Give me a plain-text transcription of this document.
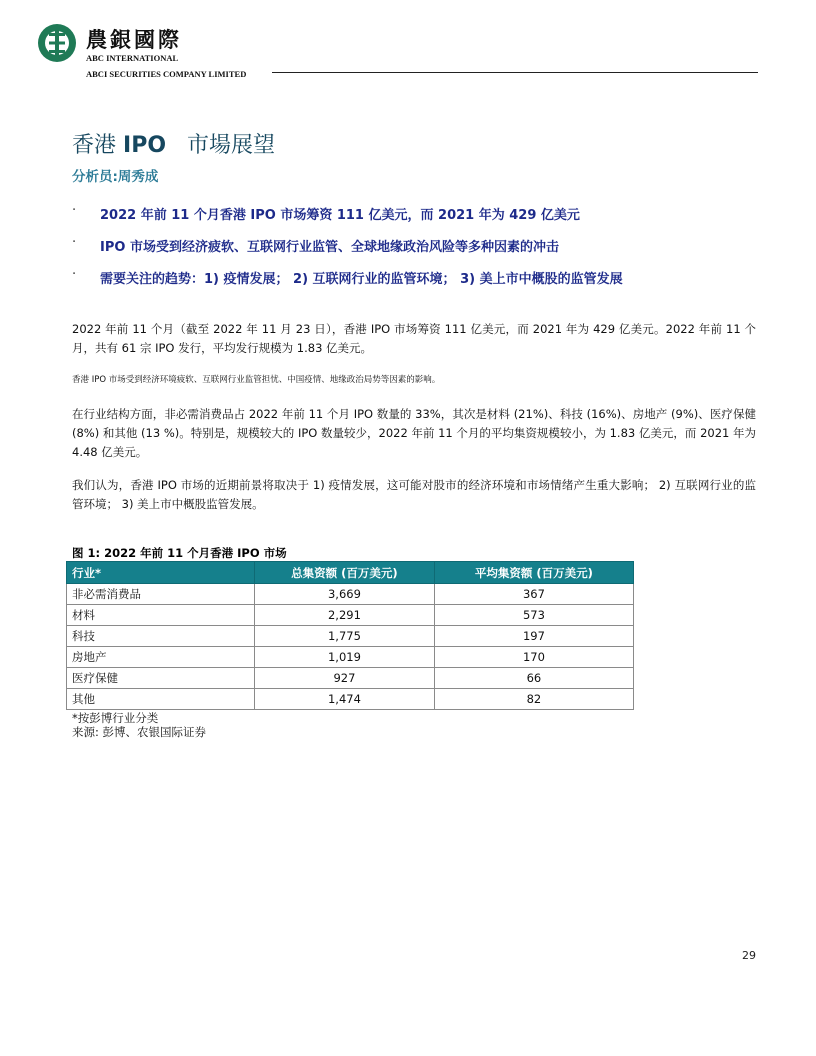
農銀國際
ABC INTERNATIONAL
ABCI SECURITIES COMPANY LIMITED
香港 IPO 市場展望
分析员:周秀成
· 2022 年前 11 个月香港 IPO 市场筹资 111 亿美元，而 2021 年为 429 亿美元
· IPO 市场受到经济疲软、互联网行业监管、全球地缘政治风险等多种因素的冲击
· 需要关注的趋势：1) 疫情发展； 2) 互联网行业的监管环境； 3) 美上市中概股的监管发展

2022 年前 11 个月（截至 2022 年 11 月 23 日），香港 IPO 市场筹资 111 亿美元，而 2021 年为 429 亿美元。2022 年前 11 个月，共有 61 宗 IPO 发行，平均发行规模为 1.83 亿美元。

香港 IPO 市场受到经济环境疲软、互联网行业监管担忧、中国疫情、地缘政治局势等因素的影响。

在行业结构方面，非必需消费品占 2022 年前 11 个月 IPO 数量的 33%，其次是材料 (21%)、科技 (16%)、房地产 (9%)、医疗保健 (8%) 和其他 (13 %)。特别是，规模较大的 IPO 数量较少，2022 年前 11 个月的平均集资规模较小，为 1.83 亿美元，而 2021 年为 4.48 亿美元。

我们认为，香港 IPO 市场的近期前景将取决于 1) 疫情发展，这可能对股市的经济环境和市场情绪产生重大影响； 2) 互联网行业的监管环境； 3) 美上市中概股监管发展。

图 1: 2022 年前 11 个月香港 IPO 市场
行业*	总集资额 (百万美元)	平均集资额 (百万美元)
非必需消费品	3,669	367
材料	2,291	573
科技	1,775	197
房地产	1,019	170
医疗保健	927	66
其他	1,474	82
*按彭博行业分类
来源: 彭博、农银国际证券
29
